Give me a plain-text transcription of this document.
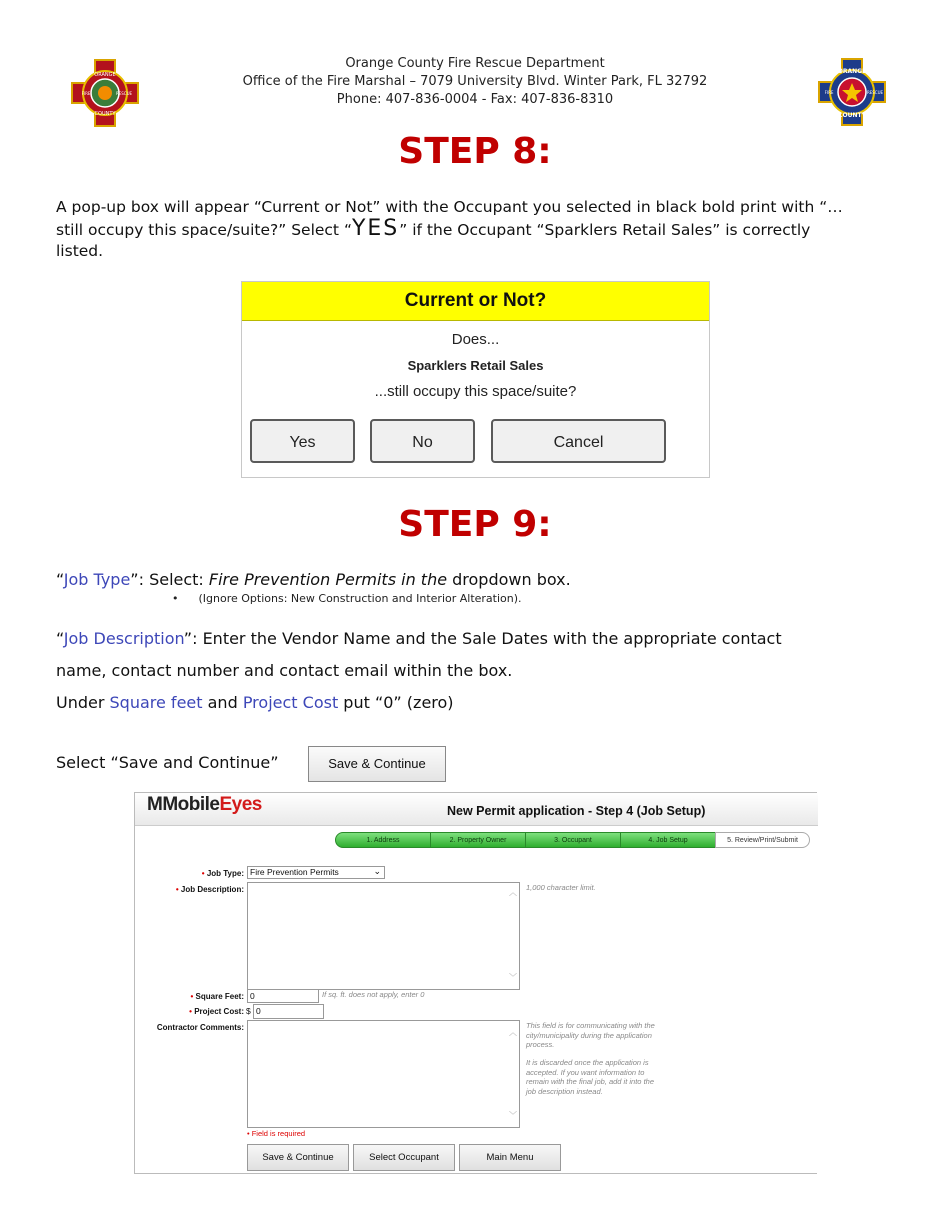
ORANGE
COUNTY
FIRE	RESCUE
ORANGE
COUNTY
FIRE	RESCUE
Orange County Fire Rescue Department
Office of the Fire Marshal – 7079 University Blvd. Winter Park, FL 32792
Phone: 407-836-0004 - Fax: 407-836-8310
STEP 8:
A pop-up box will appear “Current or Not” with the Occupant you selected in black bold print with “…
still occupy this space/suite?” Select “YES” if the Occupant “Sparklers Retail Sales” is correctly
listed.
Current or Not?
Does...
Sparklers Retail Sales
...still occupy this space/suite?
Yes	No	Cancel
STEP 9:
“Job Type”: Select: Fire Prevention Permits in the dropdown box.
• (Ignore Options: New Construction and Interior Alteration).
“Job Description”: Enter the Vendor Name and the Sale Dates with the appropriate contact
name, contact number and contact email within the box.
Under Square feet and Project Cost put “0” (zero)
Select “Save and Continue”	Save & Continue
MMobileEyes	New Permit application - Step 4 (Job Setup)
1. Address	2. Property Owner	3. Occupant	4. Job Setup	5. Review/Print/Submit
• Job Type: Fire Prevention Permits	⌄
• Job Description:	︿
﹀
1,000 character limit.
• Square Feet: 0	If sq. ft. does not apply, enter 0
• Project Cost: $ 0
Contractor Comments:
︿
﹀
This field is for communicating with the city/municipality during the application process.
It is discarded once the application is accepted. If you want information to remain with the final job, add it into the job description instead.
• Field is required
Save & Continue	Select Occupant	Main Menu
